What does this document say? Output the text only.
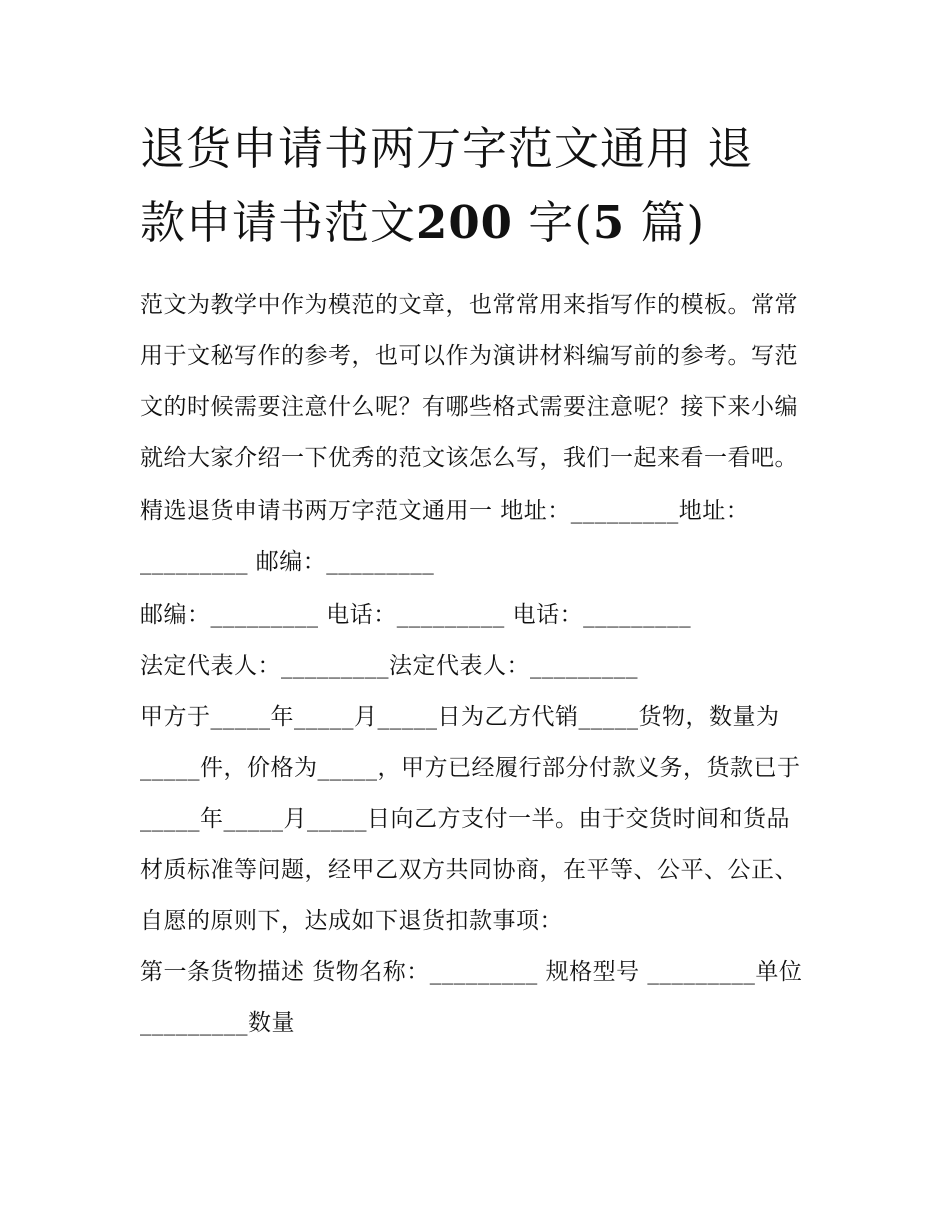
退货申请书两万字范文通用 退
款申请书范文200 字(5 篇)

范文为教学中作为模范的文章，也常常用来指写作的模板。常常用于文秘写作的参考，也可以作为演讲材料编写前的参考。写范文的时候需要注意什么呢？有哪些格式需要注意呢？接下来小编就给大家介绍一下优秀的范文该怎么写，我们一起来看一看吧。

精选退货申请书两万字范文通用一 地址：_________地址：_________ 邮编：_________

邮编：_________ 电话：_________ 电话：_________

法定代表人：_________法定代表人：_________

甲方于_____年_____月_____日为乙方代销_____货物，数量为_____件，价格为_____，甲方已经履行部分付款义务，货款已于_____年_____月_____日向乙方支付一半。由于交货时间和货品材质标准等问题，经甲乙双方共同协商，在平等、公平、公正、自愿的原则下，达成如下退货扣款事项：

第一条货物描述 货物名称：_________ 规格型号 _________单位 _________数量
